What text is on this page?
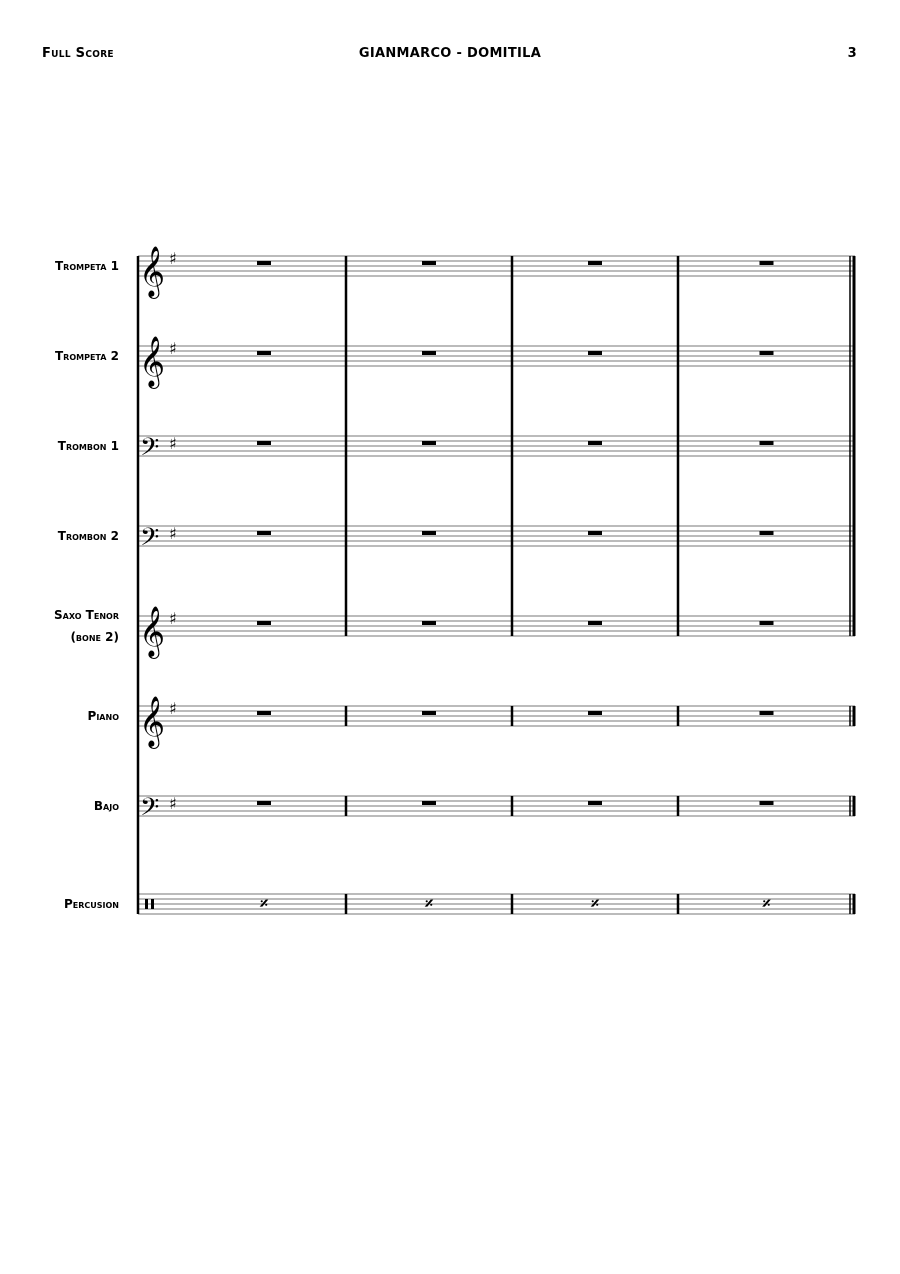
Full Score	GIANMARCO - DOMITILA	3
Trompeta 1
Trompeta 2
Trombon 1
Trombon 2
Saxo Tenor
(bone 2)
Piano
Bajo
Percusion
𝄞 ♯
𝄞 ♯
𝄢 ♯
𝄢 ♯
𝄞 ♯
𝄞 ♯
𝄢 ♯
𝄎	𝄎	𝄎	𝄎
